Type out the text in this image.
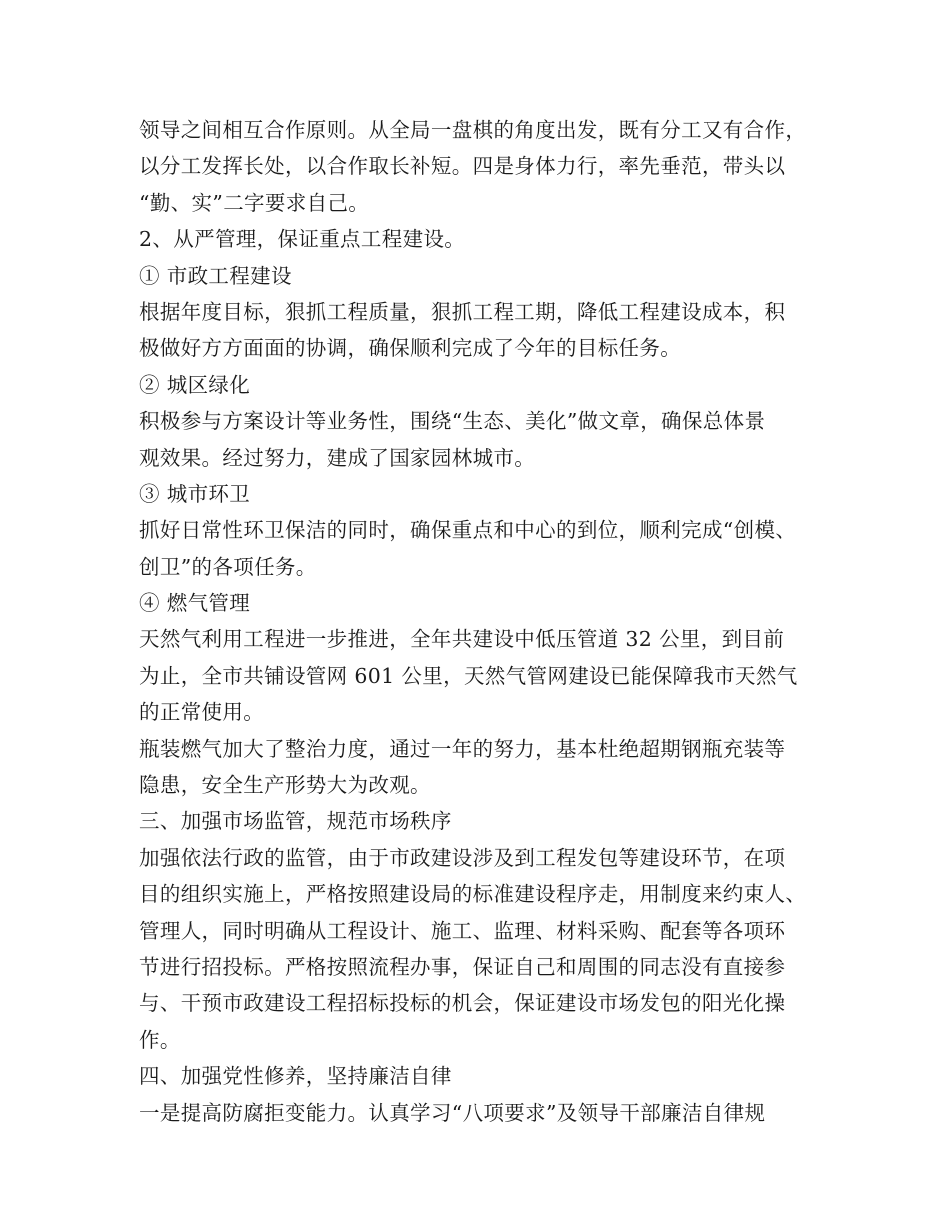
领导之间相互合作原则。从全局一盘棋的角度出发，既有分工又有合作，
以分工发挥长处，以合作取长补短。四是身体力行，率先垂范，带头以
“勤、实”二字要求自己。
2、从严管理，保证重点工程建设。
① 市政工程建设
根据年度目标，狠抓工程质量，狠抓工程工期，降低工程建设成本，积
极做好方方面面的协调，确保顺利完成了今年的目标任务。
② 城区绿化
积极参与方案设计等业务性，围绕“生态、美化”做文章，确保总体景
观效果。经过努力，建成了国家园林城市。
③ 城市环卫
抓好日常性环卫保洁的同时，确保重点和中心的到位，顺利完成“创模、
创卫”的各项任务。
④ 燃气管理
天然气利用工程进一步推进，全年共建设中低压管道 32 公里，到目前
为止，全市共铺设管网 601 公里，天然气管网建设已能保障我市天然气
的正常使用。
瓶装燃气加大了整治力度，通过一年的努力，基本杜绝超期钢瓶充装等
隐患，安全生产形势大为改观。
三、加强市场监管，规范市场秩序
加强依法行政的监管，由于市政建设涉及到工程发包等建设环节，在项
目的组织实施上，严格按照建设局的标准建设程序走，用制度来约束人、
管理人，同时明确从工程设计、施工、监理、材料采购、配套等各项环
节进行招投标。严格按照流程办事，保证自己和周围的同志没有直接参
与、干预市政建设工程招标投标的机会，保证建设市场发包的阳光化操
作。
四、加强党性修养，坚持廉洁自律
一是提高防腐拒变能力。认真学习“八项要求”及领导干部廉洁自律规
